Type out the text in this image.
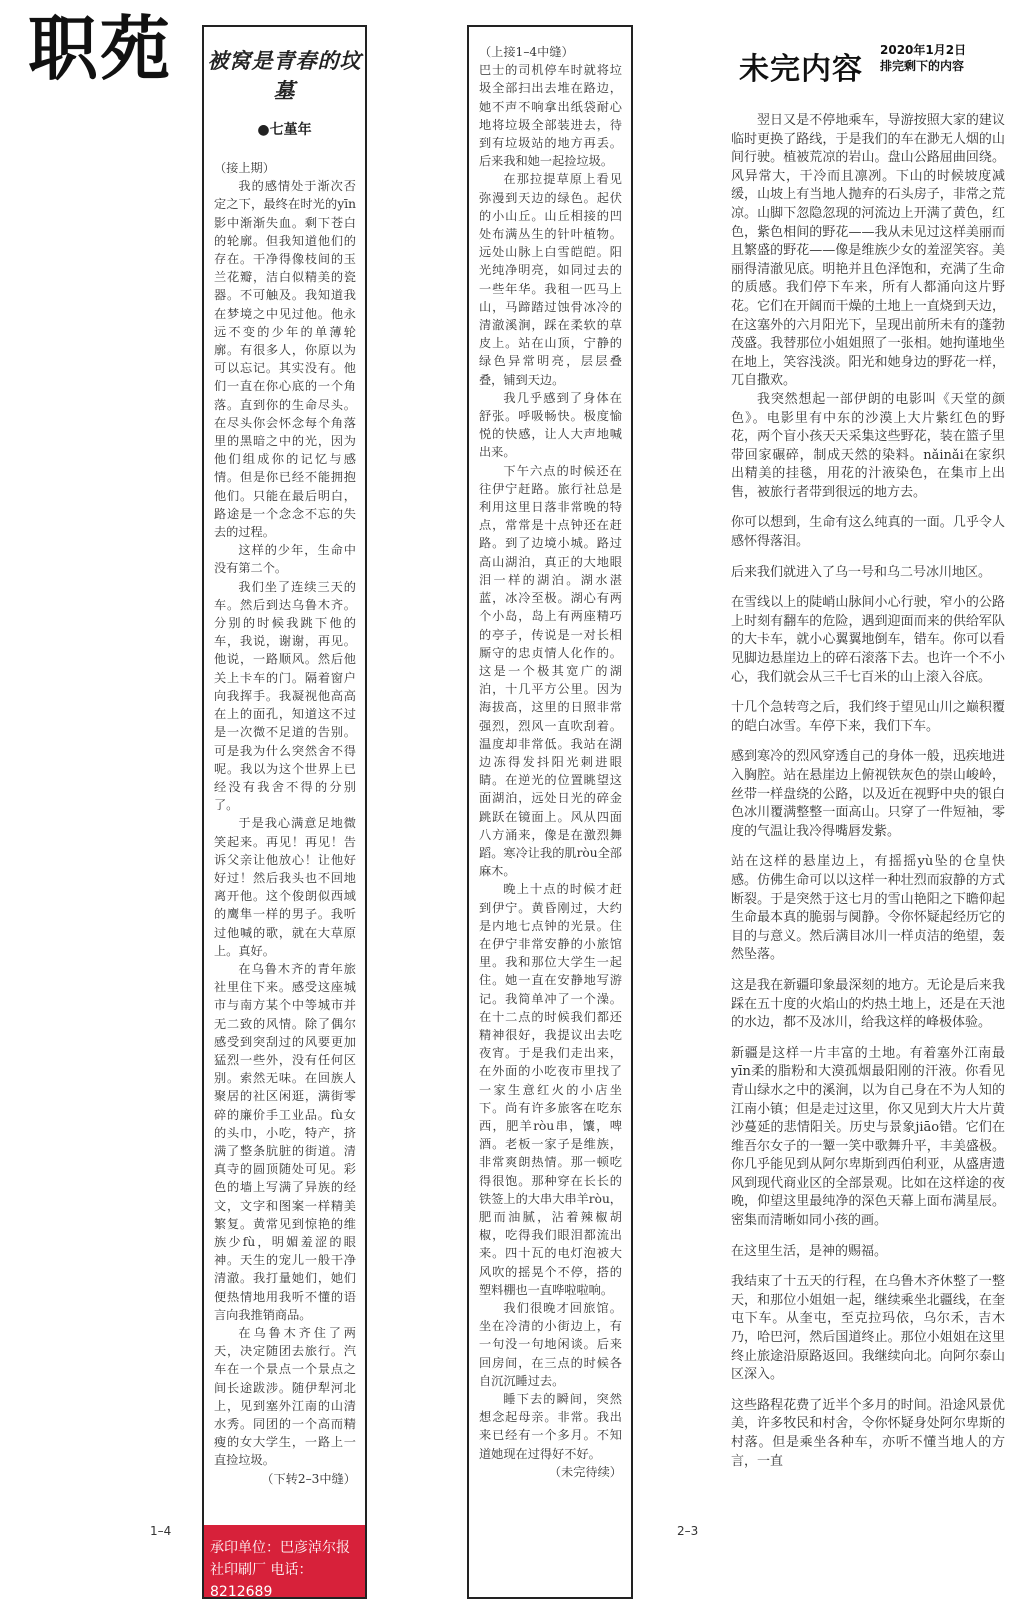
职苑 被窝是青春的坟墓
●七堇年

（接上期）

我的感情处于渐次否定之下，最终在时光的yīn影中渐渐失血。剩下苍白的轮廓。但我知道他们的存在。干净得像枝间的玉兰花瓣，洁白似精美的瓷器。不可触及。我知道我在梦境之中见过他。他永远不变的少年的单薄轮廓。有很多人，你原以为可以忘记。其实没有。他们一直在你心底的一个角落。直到你的生命尽头。在尽头你会怀念每个角落里的黑暗之中的光，因为他们组成你的记忆与感情。但是你已经不能拥抱他们。只能在最后明白，路途是一个念念不忘的失去的过程。

这样的少年，生命中没有第二个。

我们坐了连续三天的车。然后到达乌鲁木齐。分别的时候我跳下他的车，我说，谢谢，再见。他说，一路顺风。然后他关上卡车的门。隔着窗户向我挥手。我凝视他高高在上的面孔，知道这不过是一次微不足道的告别。可是我为什么突然舍不得呢。我以为这个世界上已经没有我舍不得的分别了。

于是我心满意足地微笑起来。再见！再见！告诉父亲让他放心！让他好好过！然后我头也不回地离开他。这个俊朗似西域的鹰隼一样的男子。我听过他喊的歌，就在大草原上。真好。

在乌鲁木齐的青年旅社里住下来。感受这座城市与南方某个中等城市并无二致的风情。除了偶尔感受到突刮过的风要更加猛烈一些外，没有任何区别。索然无味。在回族人聚居的社区闲逛，满街零碎的廉价手工业品。fù女的头巾，小吃，特产，挤满了整条肮脏的街道。清真寺的圆顶随处可见。彩色的墙上写满了异族的经文，文字和图案一样精美繁复。黄常见到惊艳的维族少fù，明媚羞涩的眼神。天生的宠儿一般干净清澈。我打量她们，她们便热情地用我听不懂的语言向我推销商品。

在乌鲁木齐住了两天，决定随团去旅行。汽车在一个景点一个景点之间长途跋涉。随伊犁河北上，见到塞外江南的山清水秀。同团的一个高而精瘦的女大学生，一路上一直捡垃圾。
（下转2–3中缝）

承印单位：巴彦淖尔报社印刷厂 电话：8212689
1–4

（上接1–4中缝）

巴士的司机停车时就将垃圾全部扫出去堆在路边，她不声不响拿出纸袋耐心地将垃圾全部装进去，待到有垃圾站的地方再丢。后来我和她一起捡垃圾。

在那拉提草原上看见弥漫到天边的绿色。起伏的小山丘。山丘相接的凹处布满丛生的针叶植物。远处山脉上白雪皑皑。阳光纯净明亮，如同过去的一些年华。我租一匹马上山，马蹄踏过蚀骨冰冷的清澈溪涧，踩在柔软的草皮上。站在山顶，宁静的绿色异常明亮，层层叠叠，铺到天边。

我几乎感到了身体在舒张。呼吸畅快。极度愉悦的快感，让人大声地喊出来。

下午六点的时候还在往伊宁赶路。旅行社总是利用这里日落非常晚的特点，常常是十点钟还在赶路。到了边境小城。路过高山湖泊，真正的大地眼泪一样的湖泊。湖水湛蓝，冰冷至极。湖心有两个小岛，岛上有两座精巧的亭子，传说是一对长相厮守的忠贞情人化作的。这是一个极其宽广的湖泊，十几平方公里。因为海拔高，这里的日照非常强烈，烈风一直吹刮着。温度却非常低。我站在湖边冻得发抖阳光刺进眼睛。在逆光的位置眺望这面湖泊，远处日光的碎金跳跃在镜面上。风从四面八方涌来，像是在激烈舞蹈。寒冷让我的肌ròu全部麻木。

晚上十点的时候才赶到伊宁。黄昏刚过，大约是内地七点钟的光景。住在伊宁非常安静的小旅馆里。我和那位大学生一起住。她一直在安静地写游记。我简单冲了一个澡。在十二点的时候我们都还精神很好，我提议出去吃夜宵。于是我们走出来，在外面的小吃夜市里找了一家生意红火的小店坐下。尚有许多旅客在吃东西，肥羊ròu串，馕，啤酒。老板一家子是维族，非常爽朗热情。那一顿吃得很饱。那种穿在长长的铁签上的大串大串羊ròu，肥而油腻，沾着辣椒胡椒，吃得我们眼泪都流出来。四十瓦的电灯泡被大风吹的摇晃个不停，搭的塑料棚也一直哗啦啦响。

我们很晚才回旅馆。坐在冷清的小街边上，有一句没一句地闲谈。后来回房间，在三点的时候各自沉沉睡过去。

睡下去的瞬间，突然想念起母亲。非常。我出来已经有一个多月。不知道她现在过得好不好。
（未完待续）

2–3
未完内容
2020年1月2日
排完剩下的内容

翌日又是不停地乘车，导游按照大家的建议临时更换了路线，于是我们的车在渺无人烟的山间行驶。植被荒凉的岩山。盘山公路屈曲回绕。风异常大，干冷而且凛冽。下山的时候坡度减缓，山坡上有当地人抛弃的石头房子，非常之荒凉。山脚下忽隐忽现的河流边上开满了黄色，红色，紫色相间的野花——我从未见过这样美丽而且繁盛的野花——像是维族少女的羞涩笑容。美丽得清澈见底。明艳并且色泽饱和，充满了生命的质感。我们停下车来，所有人都涌向这片野花。它们在开阔而干燥的土地上一直烧到天边，在这塞外的六月阳光下，呈现出前所未有的蓬勃茂盛。我替那位小姐姐照了一张相。她拘谨地坐在地上，笑容浅淡。阳光和她身边的野花一样，兀自撒欢。

我突然想起一部伊朗的电影叫《天堂的颜色》。电影里有中东的沙漠上大片紫红色的野花，两个盲小孩天天采集这些野花，装在篮子里带回家碾碎，制成天然的染料。nǎinǎi在家织出精美的挂毯，用花的汁液染色，在集市上出售，被旅行者带到很远的地方去。

你可以想到，生命有这么纯真的一面。几乎令人感怀得落泪。

后来我们就进入了乌一号和乌二号冰川地区。

在雪线以上的陡峭山脉间小心行驶，窄小的公路上时刻有翻车的危险，遇到迎面而来的供给军队的大卡车，就小心翼翼地倒车，错车。你可以看见脚边悬崖边上的碎石滚落下去。也许一个不小心，我们就会从三千七百米的山上滚入谷底。

十几个急转弯之后，我们终于望见山川之巅积覆的皑白冰雪。车停下来，我们下车。

感到寒冷的烈风穿透自己的身体一般，迅疾地进入胸腔。站在悬崖边上俯视铁灰色的崇山峻岭，丝带一样盘绕的公路，以及近在视野中央的银白色冰川覆满整整一面高山。只穿了一件短袖，零度的气温让我冷得嘴唇发紫。

站在这样的悬崖边上，有摇摇yù坠的仓皇快感。仿佛生命可以以这样一种壮烈而寂静的方式断裂。于是突然于这七月的雪山艳阳之下瞻仰起生命最本真的脆弱与阒静。令你怀疑起经历它的目的与意义。然后满目冰川一样贞洁的绝望，轰然坠落。

这是我在新疆印象最深刻的地方。无论是后来我踩在五十度的火焰山的灼热土地上，还是在天池的水边，都不及冰川，给我这样的峰极体验。

新疆是这样一片丰富的土地。有着塞外江南最yīn柔的脂粉和大漠孤烟最阳刚的汗液。你看见青山绿水之中的溪涧，以为自己身在不为人知的江南小镇；但是走过这里，你又见到大片大片黄沙蔓延的悲情阳关。历史与景象jiāo错。它们在维吾尔女子的一颦一笑中歌舞升平，丰美盛极。你几乎能见到从阿尔卑斯到西伯利亚，从盛唐遗风到现代商业区的全部景观。比如在这样途的夜晚，仰望这里最纯净的深色天幕上面布满星辰。密集而清晰如同小孩的画。

在这里生活，是神的赐福。

我结束了十五天的行程，在乌鲁木齐休整了一整天，和那位小姐姐一起，继续乘坐北疆线，在奎屯下车。从奎屯，至克拉玛依，乌尔禾，吉木乃，哈巴河，然后国道终止。那位小姐姐在这里终止旅途沿原路返回。我继续向北。向阿尔泰山区深入。

这些路程花费了近半个多月的时间。沿途风景优美，许多牧民和村舍，令你怀疑身处阿尔卑斯的村落。但是乘坐各种车，亦听不懂当地人的方言，一直
